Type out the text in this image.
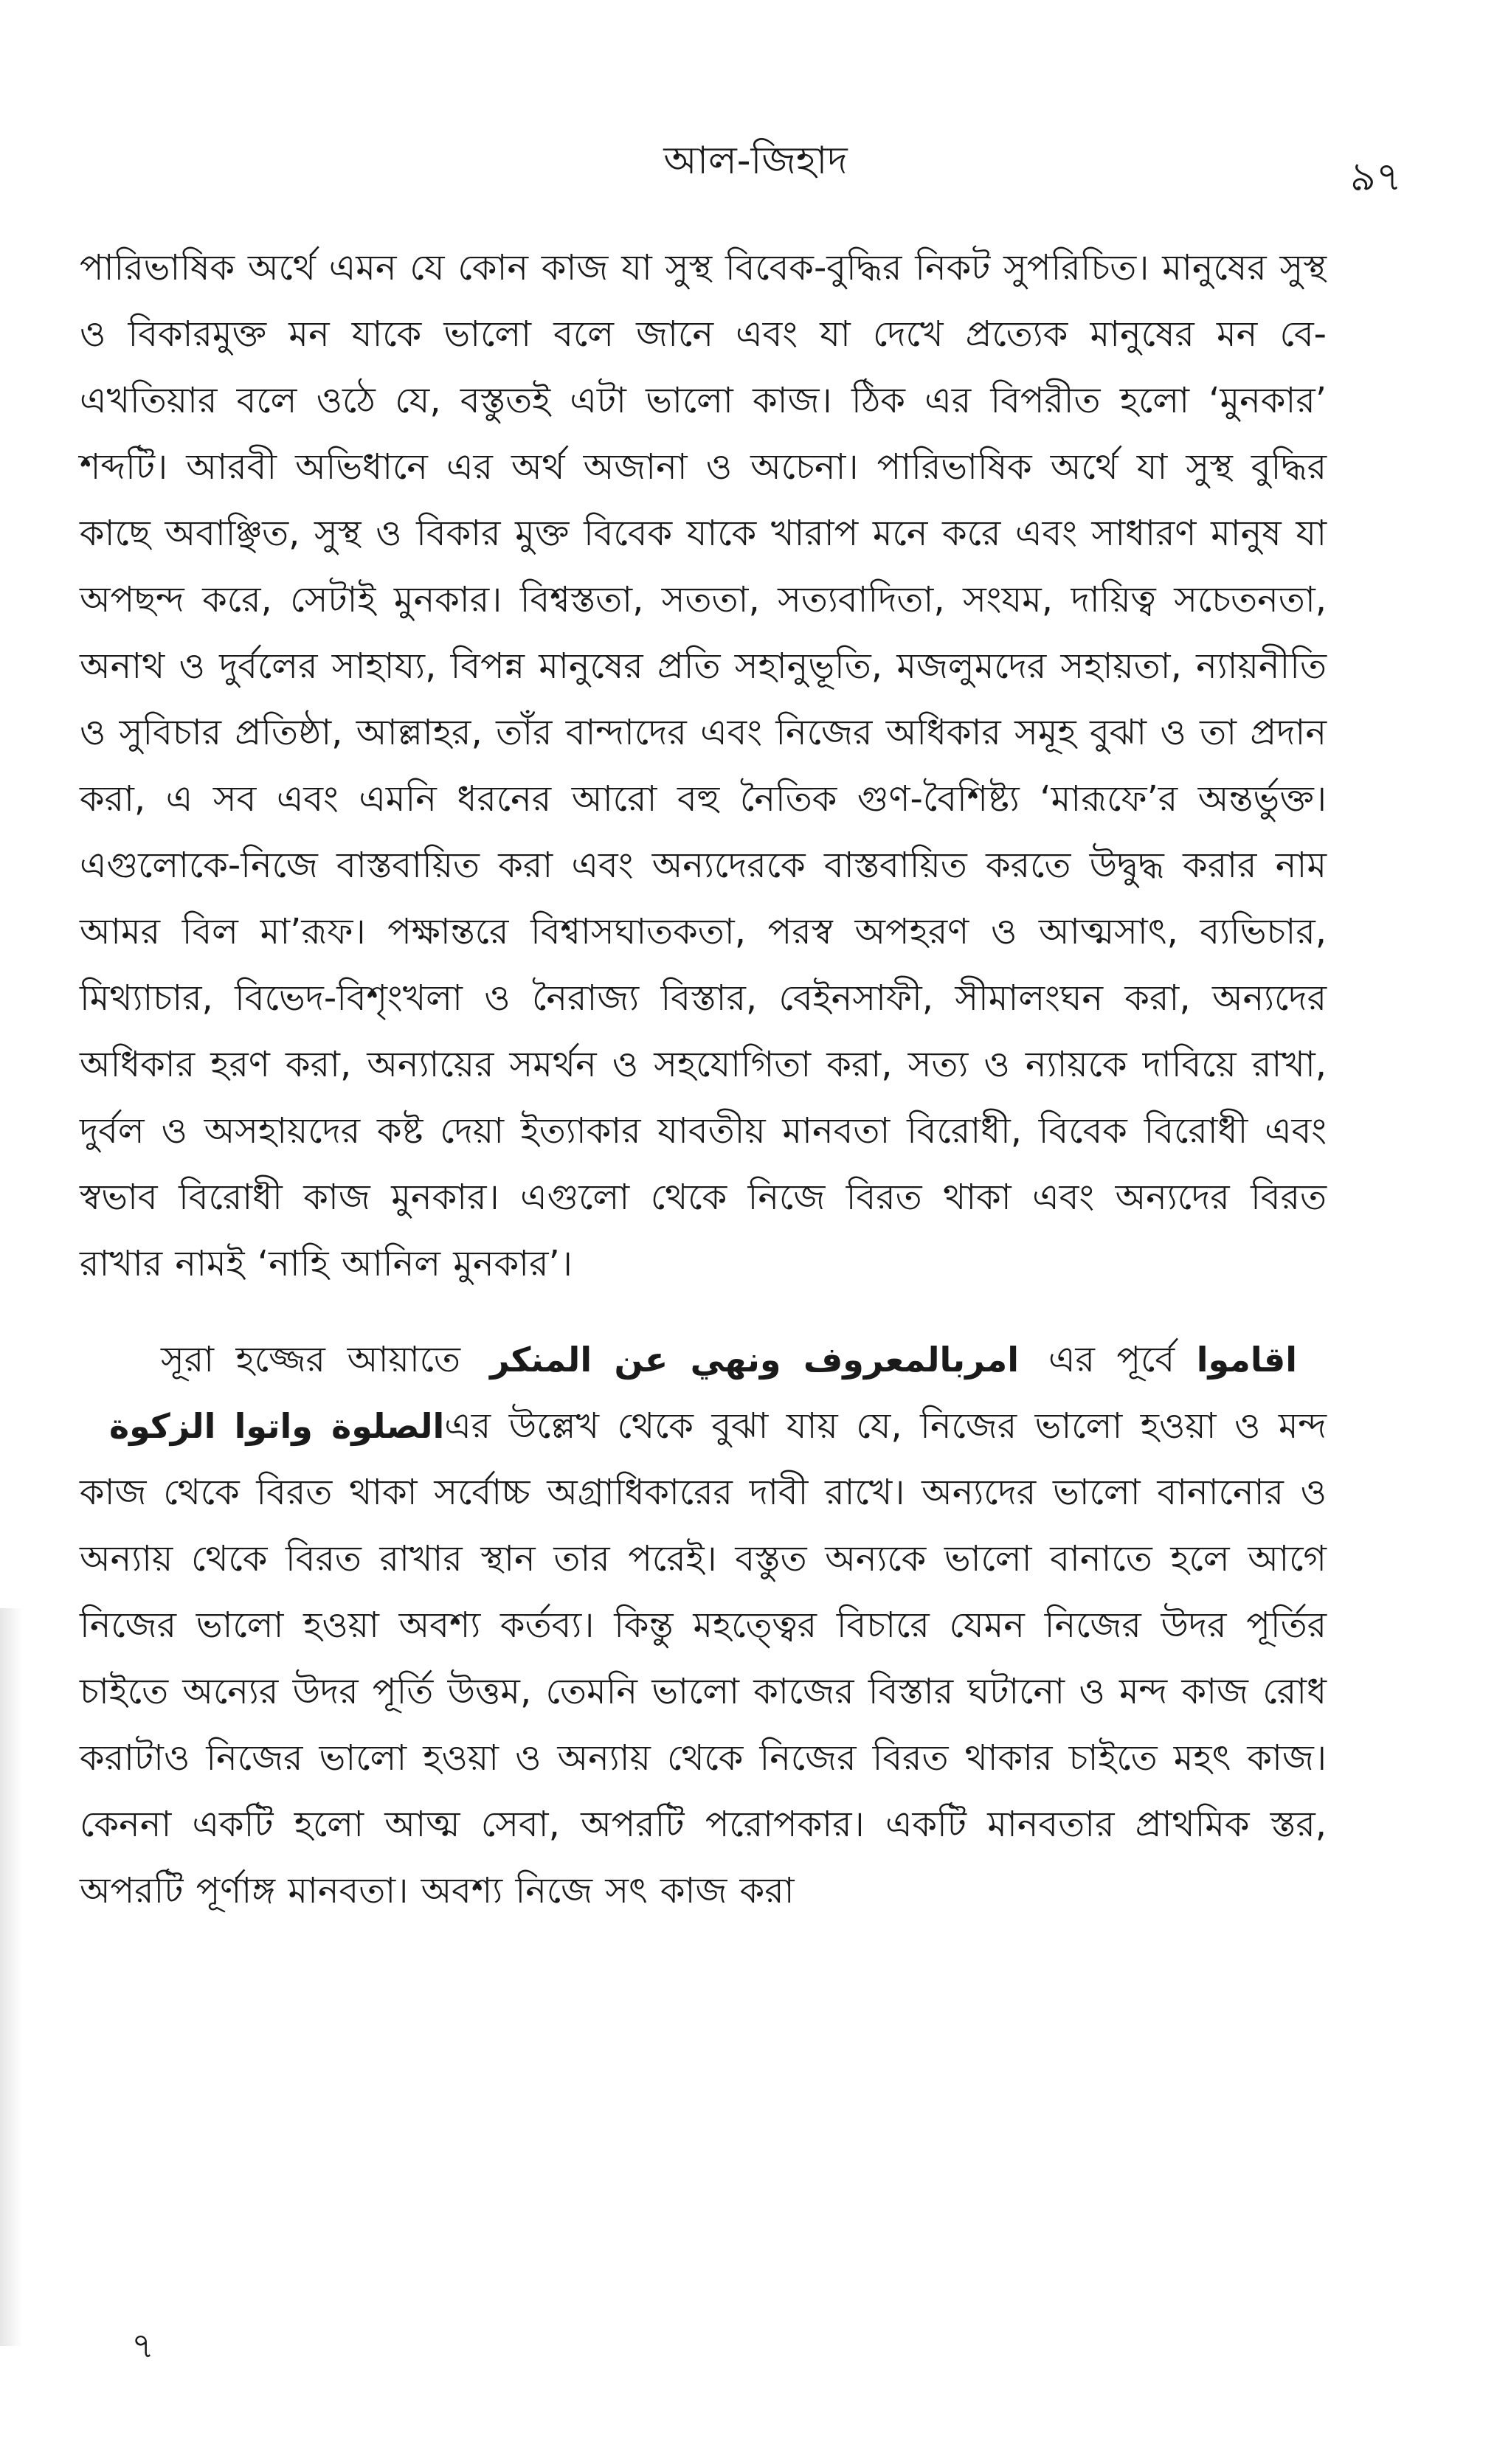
আল-জিহাদ	৯৭

পারিভাষিক অর্থে এমন যে কোন কাজ যা সুস্থ বিবেক-বুদ্ধির নিকট সুপরিচিত। মানুষের সুস্থ ও বিকারমুক্ত মন যাকে ভালো বলে জানে এবং যা দেখে প্রত্যেক মানুষের মন বে-এখতিয়ার বলে ওঠে যে, বস্তুতই এটা ভালো কাজ। ঠিক এর বিপরীত হলো ‘মুনকার’ শব্দটি। আরবী অভিধানে এর অর্থ অজানা ও অচেনা। পারিভাষিক অর্থে যা সুস্থ বুদ্ধির কাছে অবাঞ্ছিত, সুস্থ ও বিকার মুক্ত বিবেক যাকে খারাপ মনে করে এবং সাধারণ মানুষ যা অপছন্দ করে, সেটাই মুনকার। বিশ্বস্ততা, সততা, সত্যবাদিতা, সংযম, দায়িত্ব সচেতনতা, অনাথ ও দুর্বলের সাহায্য, বিপন্ন মানুষের প্রতি সহানুভূতি, মজলুমদের সহায়তা, ন্যায়নীতি ও সুবিচার প্রতিষ্ঠা, আল্লাহর, তাঁর বান্দাদের এবং নিজের অধিকার সমূহ বুঝা ও তা প্রদান করা, এ সব এবং এমনি ধরনের আরো বহু নৈতিক গুণ-বৈশিষ্ট্য ‘মারূফে’র অন্তর্ভুক্ত। এগুলোকে-নিজে বাস্তবায়িত করা এবং অন্যদেরকে বাস্তবায়িত করতে উদ্বুদ্ধ করার নাম আমর বিল মা’রূফ। পক্ষান্তরে বিশ্বাসঘাতকতা, পরস্ব অপহরণ ও আত্মসাৎ, ব্যভিচার, মিথ্যাচার, বিভেদ-বিশৃংখলা ও নৈরাজ্য বিস্তার, বেইনসাফী, সীমালংঘন করা, অন্যদের অধিকার হরণ করা, অন্যায়ের সমর্থন ও সহযোগিতা করা, সত্য ও ন্যায়কে দাবিয়ে রাখা, দুর্বল ও অসহায়দের কষ্ট দেয়া ইত্যাকার যাবতীয় মানবতা বিরোধী, বিবেক বিরোধী এবং স্বভাব বিরোধী কাজ মুনকার। এগুলো থেকে নিজে বিরত থাকা এবং অন্যদের বিরত রাখার নামই ‘নাহি আনিল মুনকার’।

সূরা হজ্জের আয়াতে امربالمعروف ونهي عن المنكر এর পূর্বে اقاموا الصلوة واتوا الزكوةএর উল্লেখ থেকে বুঝা যায় যে, নিজের ভালো হওয়া ও মন্দ কাজ থেকে বিরত থাকা সর্বোচ্চ অগ্রাধিকারের দাবী রাখে। অন্যদের ভালো বানানোর ও অন্যায় থেকে বিরত রাখার স্থান তার পরেই। বস্তুত অন্যকে ভালো বানাতে হলে আগে নিজের ভালো হওয়া অবশ্য কর্তব্য। কিন্তু মহত্ত্বের বিচারে যেমন নিজের উদর পূর্তির চাইতে অন্যের উদর পূর্তি উত্তম, তেমনি ভালো কাজের বিস্তার ঘটানো ও মন্দ কাজ রোধ করাটাও নিজের ভালো হওয়া ও অন্যায় থেকে নিজের বিরত থাকার চাইতে মহৎ কাজ। কেননা একটি হলো আত্ম সেবা, অপরটি পরোপকার। একটি মানবতার প্রাথমিক স্তর, অপরটি পূর্ণাঙ্গ মানবতা। অবশ্য নিজে সৎ কাজ করা

৭
